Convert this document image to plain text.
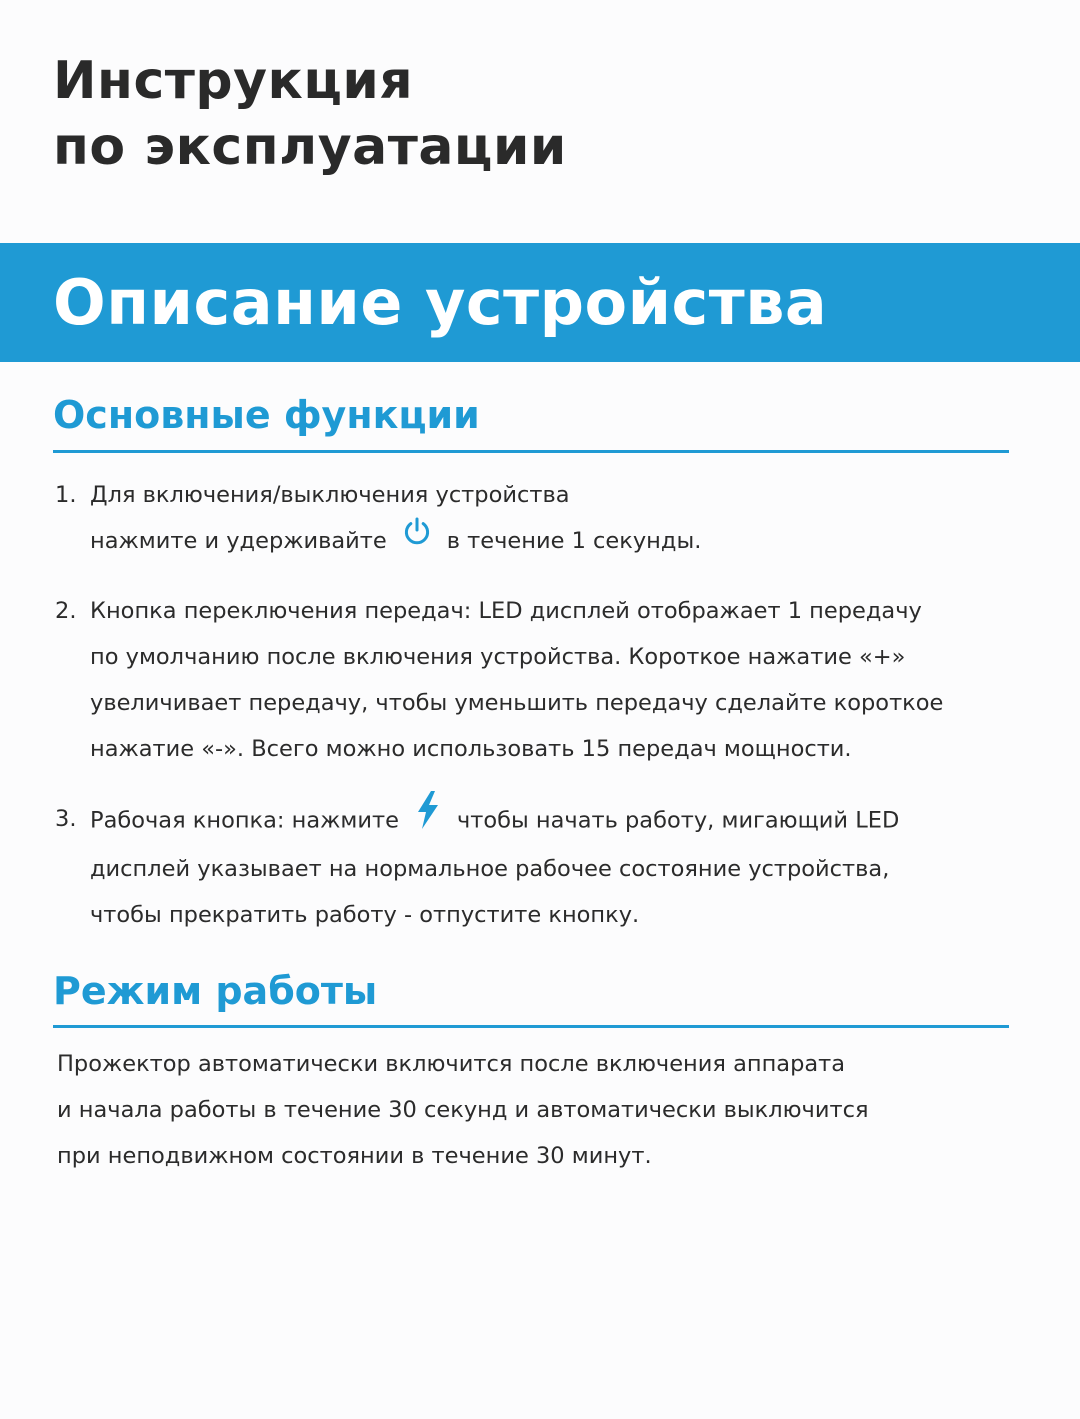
Инструкция
по эксплуатации
Описание устройства
Основные функции
1. Для включения/выключения устройства
нажмите и удерживайте	в течение 1 секунды.
2. Кнопка переключения передач: LED дисплей отображает 1 передачу
по умолчанию после включения устройства. Короткое нажатие «+»
увеличивает передачу, чтобы уменьшить передачу сделайте короткое
нажатие «-». Всего можно использовать 15 передач мощности.
3. Рабочая кнопка: нажмите	чтобы начать работу, мигающий LED
дисплей указывает на нормальное рабочее состояние устройства,
чтобы прекратить работу - отпустите кнопку.
Режим работы
Прожектор автоматически включится после включения аппарата
и начала работы в течение 30 секунд и автоматически выключится
при неподвижном состоянии в течение 30 минут.
